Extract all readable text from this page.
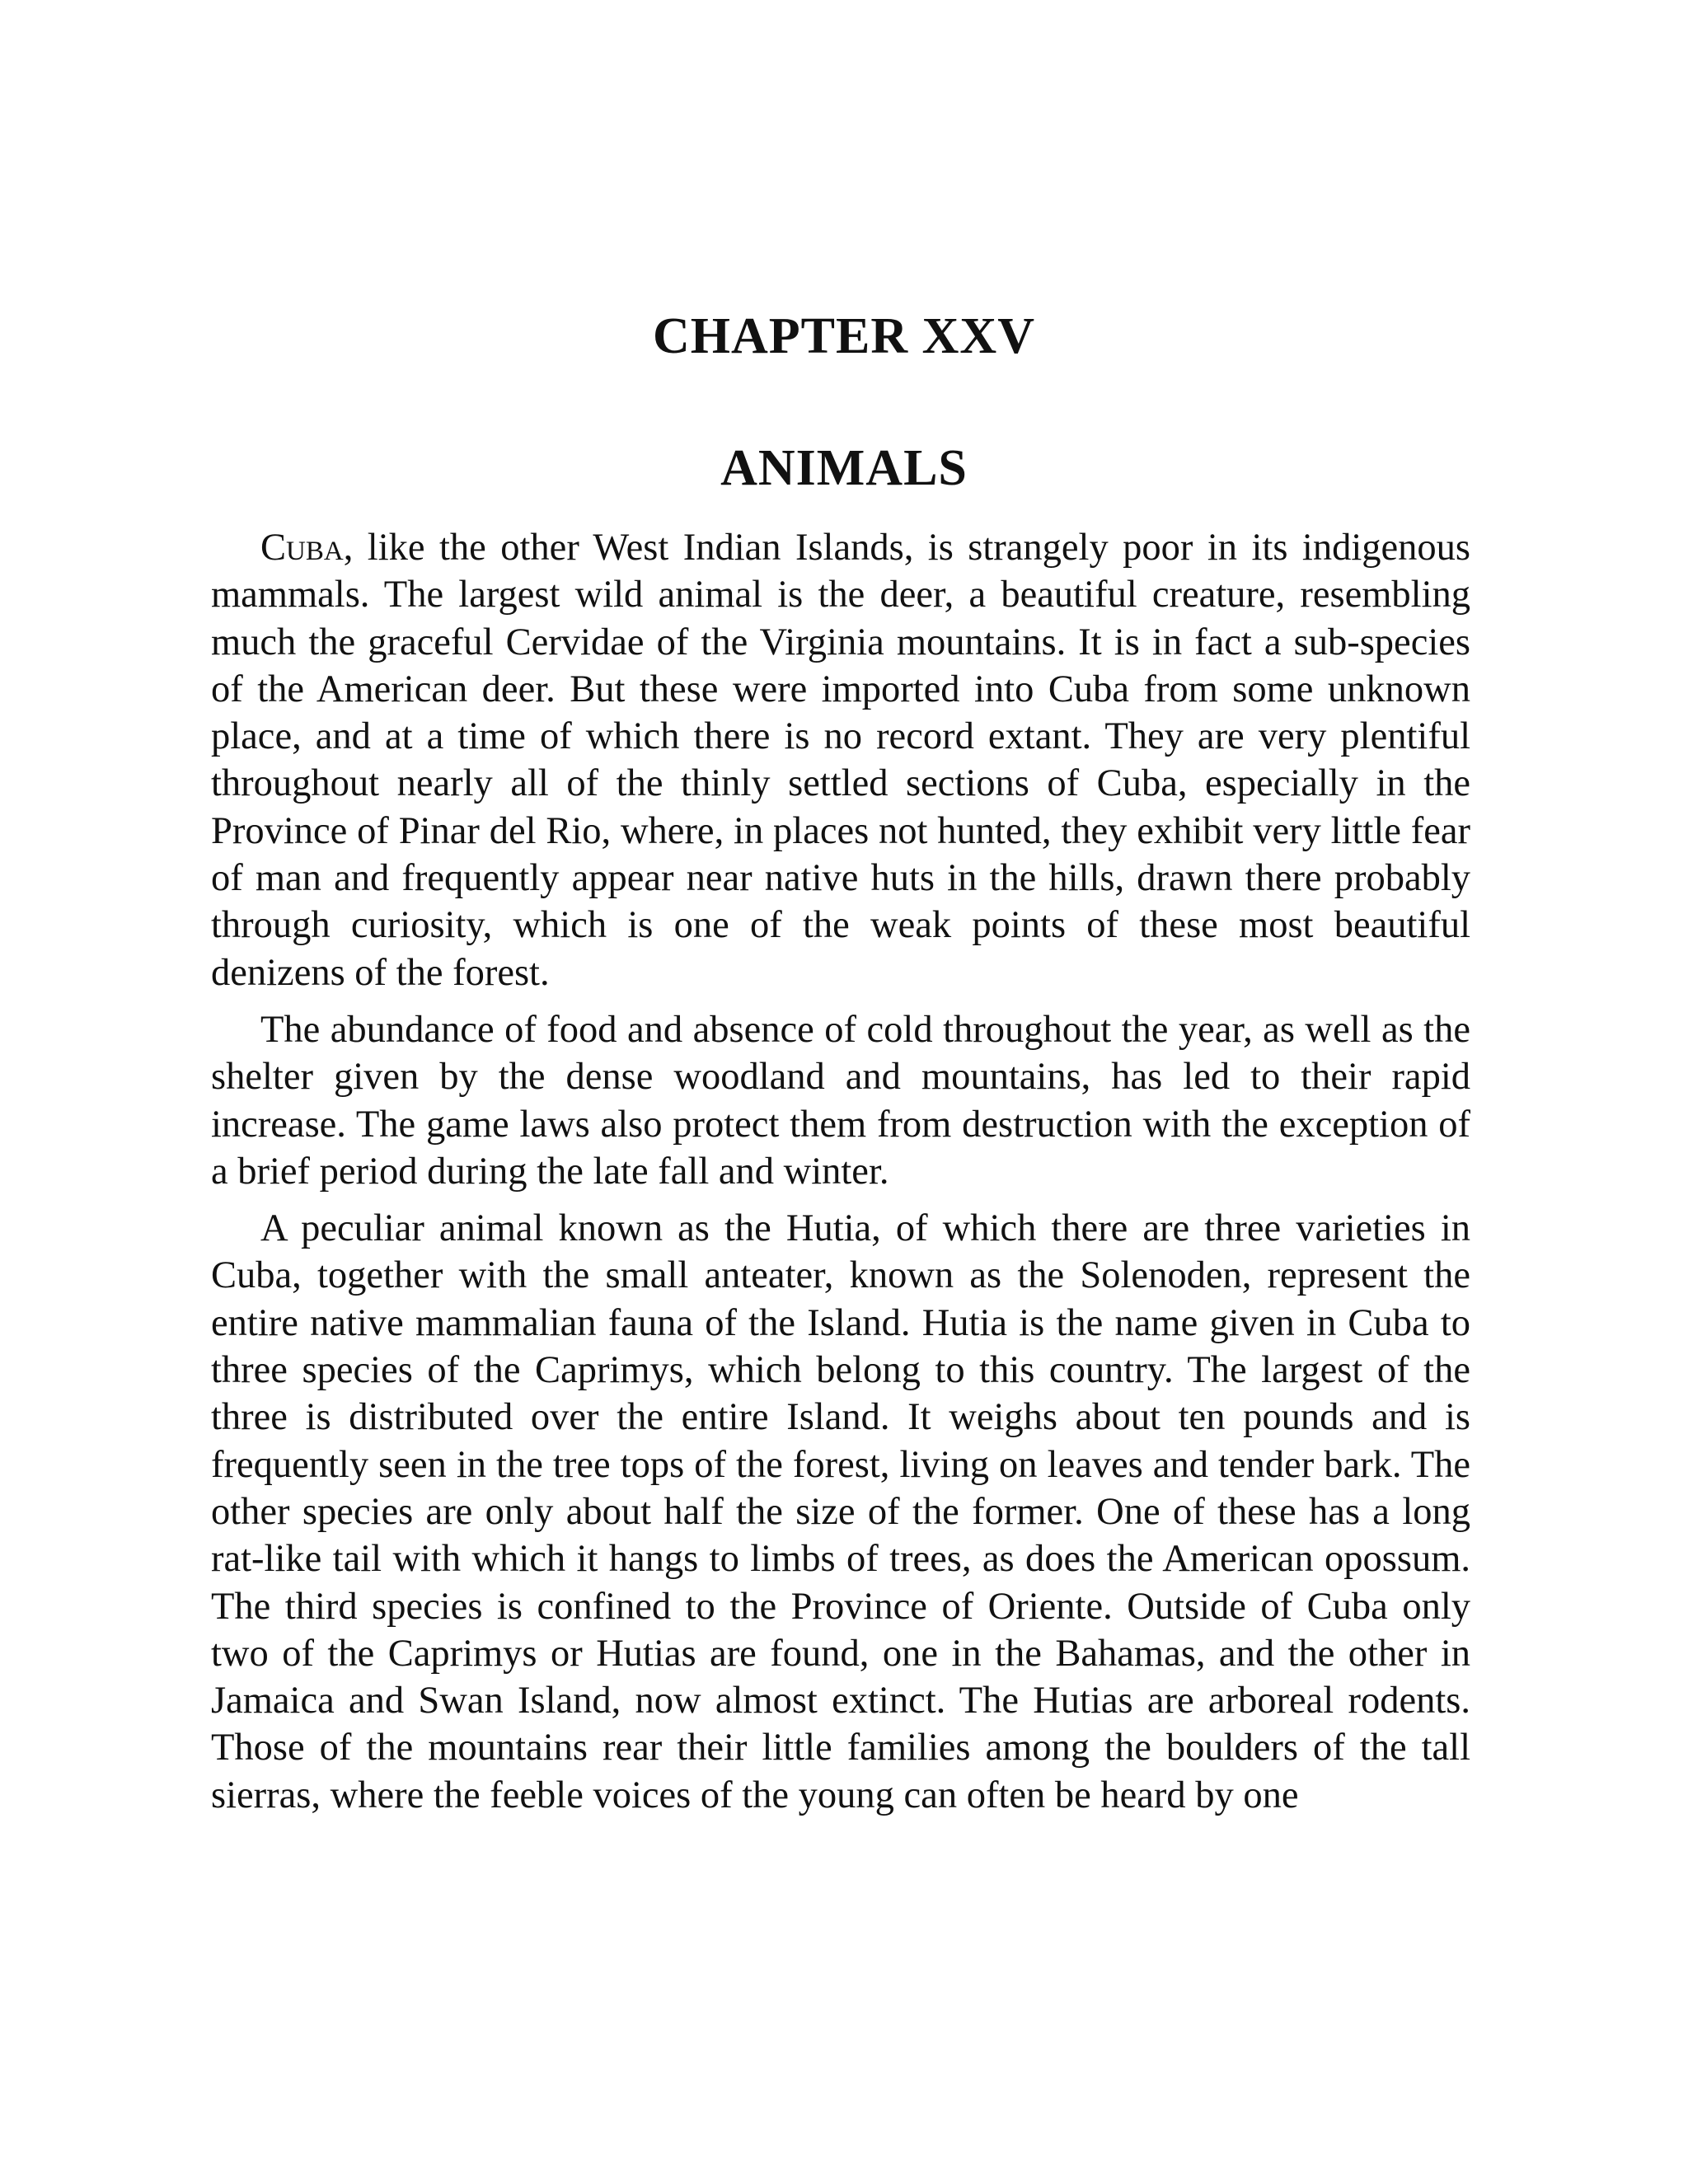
CHAPTER XXV
ANIMALS

Cuba, like the other West Indian Islands, is strangely poor in its indigenous mammals. The largest wild animal is the deer, a beautiful creature, resembling much the graceful Cervidae of the Virginia mountains. It is in fact a sub-species of the American deer. But these were imported into Cuba from some unknown place, and at a time of which there is no record extant. They are very plentiful throughout nearly all of the thinly settled sections of Cuba, especially in the Province of Pinar del Rio, where, in places not hunted, they exhibit very little fear of man and frequently appear near native huts in the hills, drawn there probably through curiosity, which is one of the weak points of these most beautiful denizens of the forest.

The abundance of food and absence of cold throughout the year, as well as the shelter given by the dense woodland and mountains, has led to their rapid increase. The game laws also protect them from destruction with the exception of a brief period during the late fall and winter.

A peculiar animal known as the Hutia, of which there are three varieties in Cuba, together with the small anteater, known as the Solenoden, represent the entire native mammalian fauna of the Island. Hutia is the name given in Cuba to three species of the Caprimys, which belong to this country. The largest of the three is distributed over the entire Island. It weighs about ten pounds and is frequently seen in the tree tops of the forest, living on leaves and tender bark. The other species are only about half the size of the former. One of these has a long rat-like tail with which it hangs to limbs of trees, as does the American opossum. The third species is confined to the Province of Oriente. Outside of Cuba only two of the Caprimys or Hutias are found, one in the Bahamas, and the other in Jamaica and Swan Island, now almost extinct. The Hutias are arboreal rodents. Those of the mountains rear their little families among the boulders of the tall sierras, where the feeble voices of the young can often be heard by one
